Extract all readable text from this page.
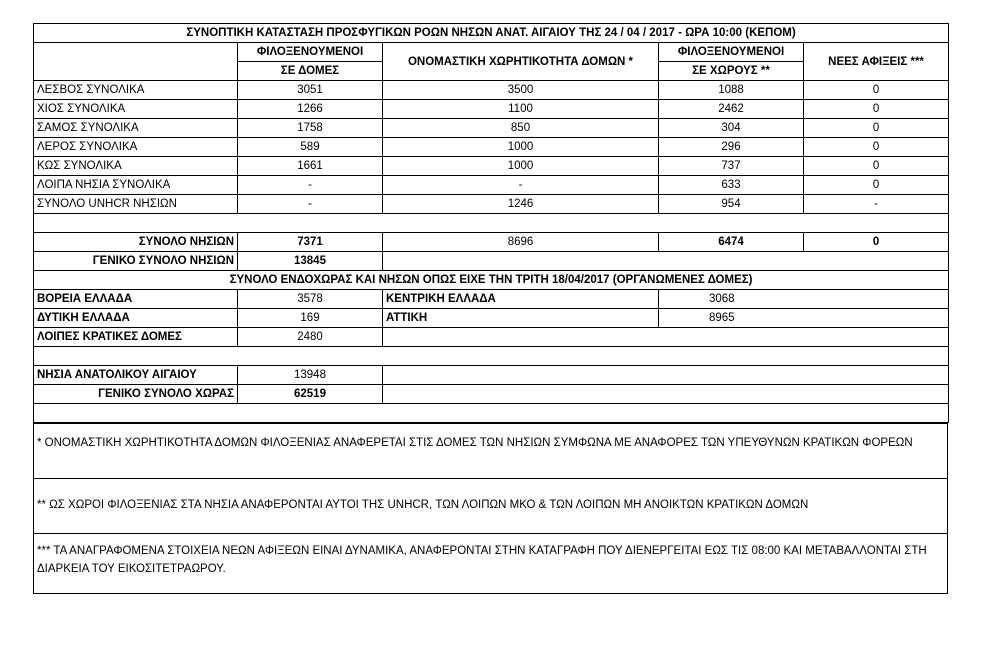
ΣΥΝΟΠΤΙΚΗ ΚΑΤΑΣΤΑΣΗ ΠΡΟΣΦΥΓΙΚΩΝ ΡΟΩΝ ΝΗΣΩΝ ΑΝΑΤ. ΑΙΓΑΙΟΥ ΤΗΣ 24 / 04 / 2017 - ΩΡΑ 10:00 (ΚΕΠΟΜ)				
	ΦΙΛΟΞΕΝΟΥΜΕΝΟΙ	ΟΝΟΜΑΣΤΙΚΗ ΧΩΡΗΤΙΚΟΤΗΤΑ ΔΟΜΩΝ *	ΦΙΛΟΞΕΝΟΥΜΕΝΟΙ	ΝΕΕΣ ΑΦΙΞΕΙΣ ***
	ΣΕ ΔΟΜΕΣ		ΣΕ ΧΩΡΟΥΣ **	
ΛΕΣΒΟΣ ΣΥΝΟΛΙΚΑ	3051	3500	1088	0
ΧΙΟΣ ΣΥΝΟΛΙΚΑ	1266	1100	2462	0
ΣΑΜΟΣ ΣΥΝΟΛΙΚΑ	1758	850	304	0
ΛΕΡΟΣ ΣΥΝΟΛΙΚΑ	589	1000	296	0
ΚΩΣ ΣΥΝΟΛΙΚΑ	1661	1000	737	0
ΛΟΙΠΑ ΝΗΣΙΑ ΣΥΝΟΛΙΚΑ	-	-	633	0
ΣΥΝΟΛΟ UNHCR ΝΗΣΙΩΝ	-	1246	954	-

ΣΥΝΟΛΟ ΝΗΣΙΩΝ	7371	8696	6474	0
ΓΕΝΙΚΟ ΣΥΝΟΛΟ ΝΗΣΙΩΝ	13845			
ΣΥΝΟΛΟ ΕΝΔΟΧΩΡΑΣ ΚΑΙ ΝΗΣΩΝ ΟΠΩΣ ΕΙΧΕ ΤΗΝ ΤΡΙΤΗ 18/04/2017 (ΟΡΓΑΝΩΜΕΝΕΣ ΔΟΜΕΣ)				
ΒΟΡΕΙΑ ΕΛΛΑΔΑ	3578	ΚΕΝΤΡΙΚΗ ΕΛΛΑΔΑ	3068	
ΔΥΤΙΚΗ ΕΛΛΑΔΑ	169	ΑΤΤΙΚΗ	8965	
ΛΟΙΠΕΣ ΚΡΑΤΙΚΕΣ ΔΟΜΕΣ	2480			

ΝΗΣΙΑ ΑΝΑΤΟΛΙΚΟΥ ΑΙΓΑΙΟΥ	13948			
ΓΕΝΙΚΟ ΣΥΝΟΛΟ ΧΩΡΑΣ	62519			

* ΟΝΟΜΑΣΤΙΚΗ ΧΩΡΗΤΙΚΟΤΗΤΑ ΔΟΜΩΝ ΦΙΛΟΞΕΝΙΑΣ ΑΝΑΦΕΡΕΤΑΙ ΣΤΙΣ ΔΟΜΕΣ ΤΩΝ ΝΗΣΙΩΝ ΣΥΜΦΩΝΑ ΜΕ ΑΝΑΦΟΡΕΣ ΤΩΝ ΥΠΕΥΘΥΝΩΝ ΚΡΑΤΙΚΩΝ ΦΟΡΕΩΝ
** ΩΣ ΧΩΡΟΙ ΦΙΛΟΞΕΝΙΑΣ ΣΤΑ ΝΗΣΙΑ ΑΝΑΦΕΡΟΝΤΑΙ ΑΥΤΟΙ ΤΗΣ UNHCR, ΤΩΝ ΛΟΙΠΩΝ ΜΚΟ & ΤΩΝ ΛΟΙΠΩΝ ΜΗ ΑΝΟΙΚΤΩΝ ΚΡΑΤΙΚΩΝ ΔΟΜΩΝ
*** ΤΑ ΑΝΑΓΡΑΦΟΜΕΝΑ ΣΤΟΙΧΕΙΑ ΝΕΩΝ ΑΦΙΞΕΩΝ ΕΙΝΑΙ ΔΥΝΑΜΙΚΑ, ΑΝΑΦΕΡΟΝΤΑΙ ΣΤΗΝ ΚΑΤΑΓΡΑΦΗ ΠΟΥ ΔΙΕΝΕΡΓΕΙΤΑΙ ΕΩΣ ΤΙΣ 08:00 ΚΑΙ ΜΕΤΑΒΑΛΛΟΝΤΑΙ ΣΤΗ ΔΙΑΡΚΕΙΑ ΤΟΥ ΕΙΚΟΣΙΤΕΤΡΑΩΡΟΥ.
